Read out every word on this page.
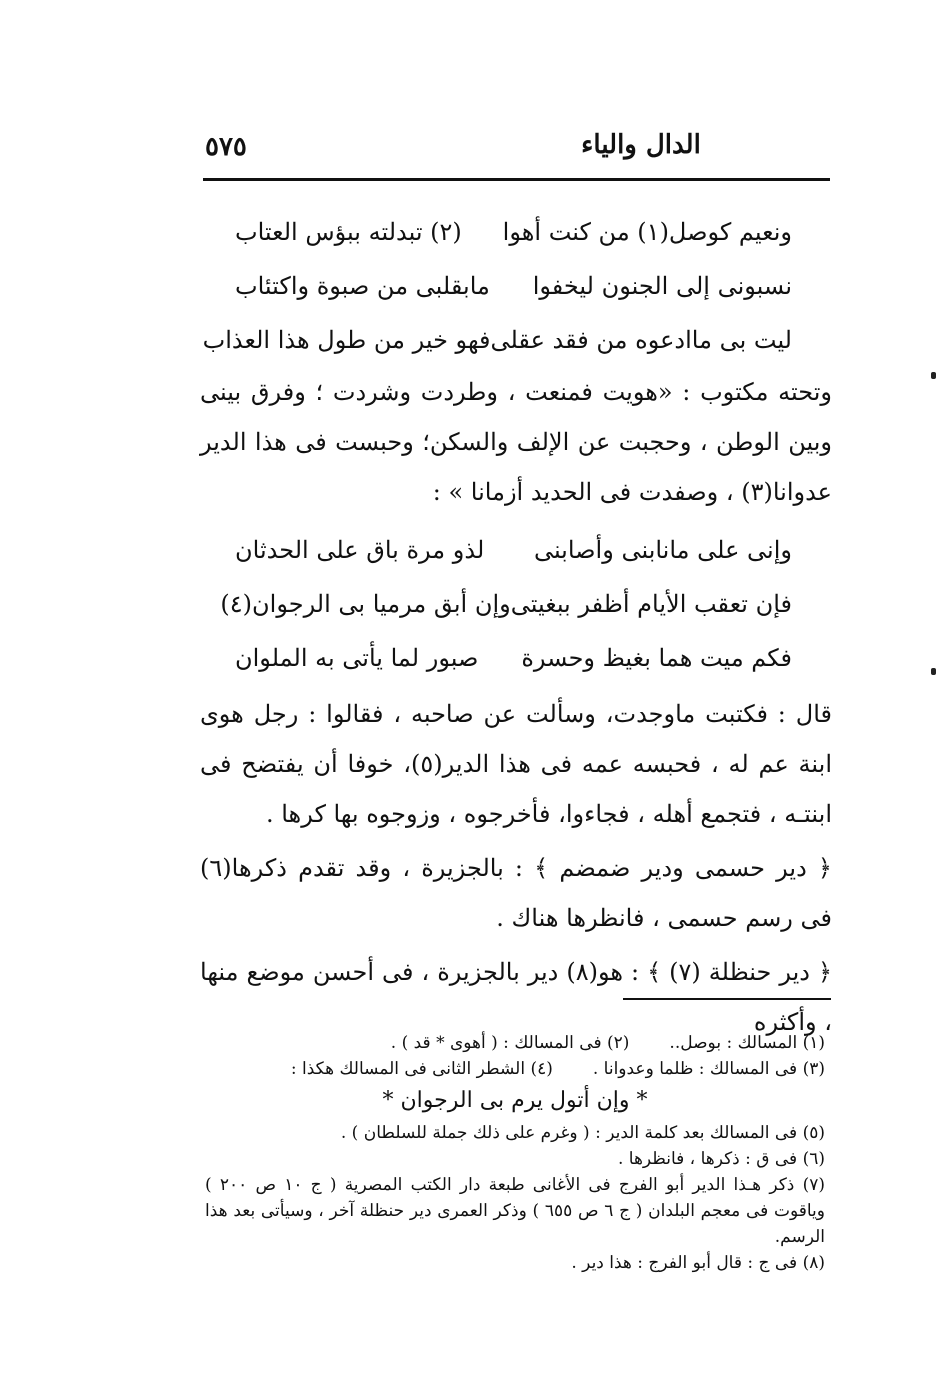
٥٧٥	الدال والياء
ونعيم كوصل(١) من كنت أهوا
(٢) تبدلته ببؤس العتاب
نسبونى إلى الجنون ليخفوا
مابقلبى من صبوة واكتئاب
ليت بى ماادعوه من فقد عقلى
فهو خير من طول هذا العذاب
وتحته مكتوب : «هويت فمنعت ، وطردت وشردت ؛ وفرق بينى وبين الوطن ، وحجبت عن الإلف والسكن؛ وحبست فى هذا الدير عدوانا(٣) ، وصفدت فى الحديد أزمانا » :
وإنى على مانابنى وأصابنى
لذو مرة باق على الحدثان
فإن تعقب الأيام أظفر ببغيتى
وإن أبق مرميا بى الرجوان(٤)
فكم ميت هما بغيظ وحسرة
صبور لما يأتى به الملوان
قال : فكتبت ماوجدت، وسألت عن صاحبه ، فقالوا : رجل هوى ابنة عم له ، فحبسه عمه فى هذا الدير(٥)، خوفا أن يفتضح فى ابنتـه ، فتجمع أهله ، فجاءوا، فأخرجوه ، وزوجوه بها كرها .
﴿ دير حسمى ودير ضمضم ﴾ : بالجزيرة ، وقد تقدم ذكرها(٦) فى رسم حسمى ، فانظرها هناك .
﴿ دير حنظلة (٧) ﴾ : هو(٨) دير بالجزيرة ، فى أحسن موضع منها ، وأكثره
(١) المسالك : بوصل..
(٢) فى المسالك : ( أهوى * قد ) .
(٣) فى المسالك : ظلما وعدوانا .
(٤) الشطر الثانى فى المسالك هكذا :
* وإن أتول يرم بى الرجوان *
(٥) فى المسالك بعد كلمة الدير : ( وغرم على ذلك جملة للسلطان ) .
(٦) فى ق : ذكرها ، فانظرها .
(٧) ذكر هـذا الدير أبو الفرج فى الأغانى طبعة دار الكتب المصرية ( ج ١٠ ص ٢٠٠ ) وياقوت فى معجم البلدان ( ج ٦ ص ٦٥٥ ) وذكر العمرى دير حنظلة آخر ، وسيأتى بعد هذا الرسم.
(٨) فى ج : قال أبو الفرج : هذا دير .
